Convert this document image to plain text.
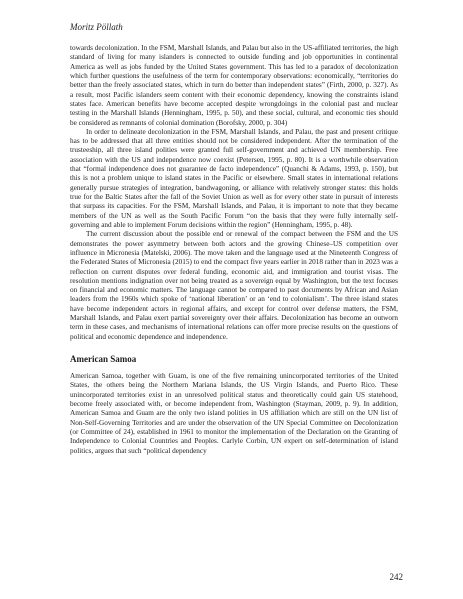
Moritz Pöllath

towards decolonization. In the FSM, Marshall Islands, and Palau but also in the US-affiliated territories, the high standard of living for many islanders is connected to outside funding and job opportunities in continental America as well as jobs funded by the United States government. This has led to a paradox of decolonization which further questions the usefulness of the term for contemporary observations: economically, “territories do better than the freely associated states, which in turn do better than independent states” (Firth, 2000, p. 327). As a result, most Pacific islanders seem content with their economic dependency, knowing the constraints island states face. American benefits have become accepted despite wrongdoings in the colonial past and nuclear testing in the Marshall Islands (Henningham, 1995, p. 50), and these social, cultural, and economic ties should be considered as remnants of colonial domination (Borofsky, 2000, p. 304)

In order to delineate decolonization in the FSM, Marshall Islands, and Palau, the past and present critique has to be addressed that all three entities should not be considered independent. After the termination of the trusteeship, all three island polities were granted full self-government and achieved UN membership. Free association with the US and independence now coexist (Petersen, 1995, p. 80). It is a worthwhile observation that “formal independence does not guarantee de facto independence” (Quanchi & Adams, 1993, p. 150), but this is not a problem unique to island states in the Pacific or elsewhere. Small states in international relations generally pursue strategies of integration, bandwagoning, or alliance with relatively stronger states: this holds true for the Baltic States after the fall of the Soviet Union as well as for every other state in pursuit of interests that surpass its capacities. For the FSM, Marshall Islands, and Palau, it is important to note that they became members of the UN as well as the South Pacific Forum “on the basis that they were fully internally self-governing and able to implement Forum decisions within the region” (Henningham, 1995, p. 48).

The current discussion about the possible end or renewal of the compact between the FSM and the US demonstrates the power asymmetry between both actors and the growing Chinese–US competition over influence in Micronesia (Matelski, 2006). The move taken and the language used at the Nineteenth Congress of the Federated States of Micronesia (2015) to end the compact five years earlier in 2018 rather than in 2023 was a reflection on current disputes over federal funding, economic aid, and immigration and tourist visas. The resolution mentions indignation over not being treated as a sovereign equal by Washington, but the text focuses on financial and economic matters. The language cannot be compared to past documents by African and Asian leaders from the 1960s which spoke of ‘national liberation’ or an ‘end to colonialism’. The three island states have become independent actors in regional affairs, and except for control over defense matters, the FSM, Marshall Islands, and Palau exert partial sovereignty over their affairs. Decolonization has become an outworn term in these cases, and mechanisms of international relations can offer more precise results on the questions of political and economic dependence and independence.

American Samoa

American Samoa, together with Guam, is one of the five remaining unincorporated territories of the United States, the others being the Northern Mariana Islands, the US Virgin Islands, and Puerto Rico. These unincorporated territories exist in an unresolved political status and theoretically could gain US statehood, become freely associated with, or become independent from, Washington (Stayman, 2009, p. 9). In addition, American Samoa and Guam are the only two island polities in US affiliation which are still on the UN list of Non-Self-Governing Territories and are under the observation of the UN Special Committee on Decolonization (or Committee of 24), established in 1961 to monitor the implementation of the Declaration on the Granting of Independence to Colonial Countries and Peoples. Carlyle Corbin, UN expert on self-determination of island politics, argues that such “political dependency

242
